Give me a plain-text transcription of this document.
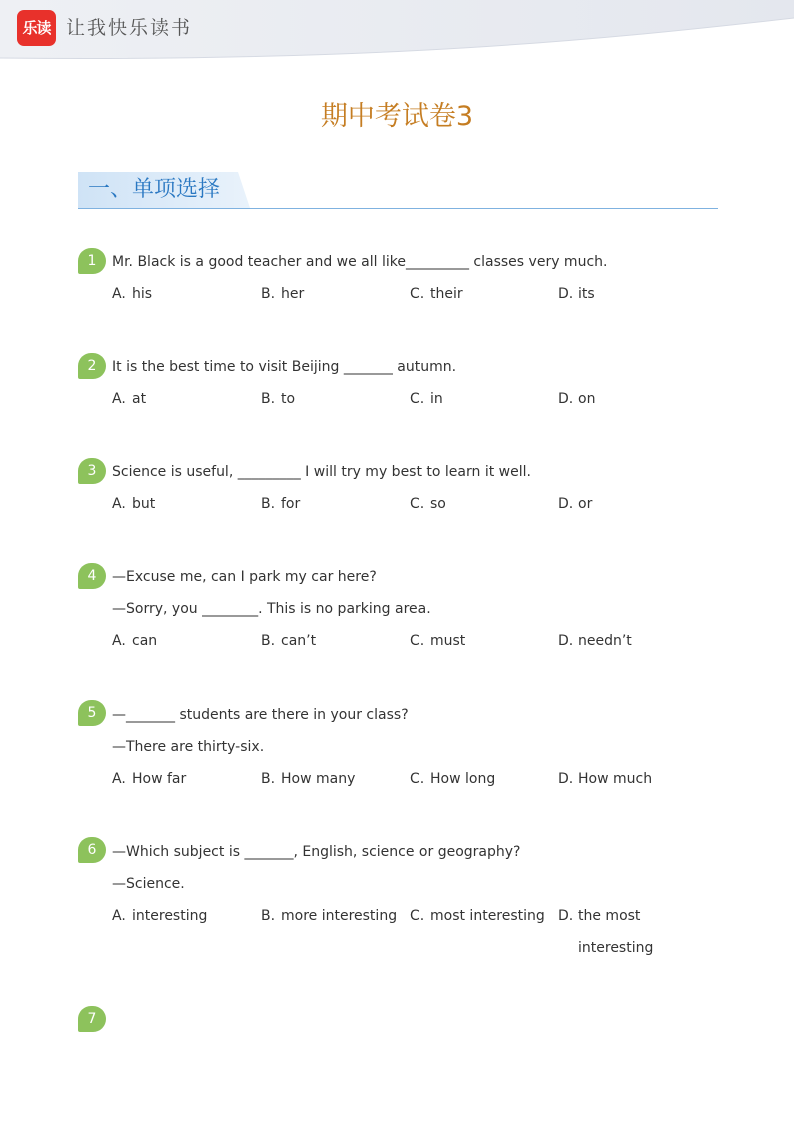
乐读 让我快乐读书
期中考试卷3
一、单项选择
1	Mr. Black is a good teacher and we all like_________ classes very much.
A. his	B. her	C. their	D. its
2	It is the best time to visit Beijing _______ autumn.
A. at	B. to	C. in	D. on
3	Science is useful, _________ I will try my best to learn it well.
A. but	B. for	C. so	D. or
4	—Excuse me, can I park my car here?
—Sorry, you ________. This is no parking area.
A. can	B. can’t	C. must	D. needn’t
5	—_______ students are there in your class?
—There are thirty-six.
A. How far	B. How many	C. How long	D. How much
6	—Which subject is _______, English, science or geography?
—Science.
A. interesting	B. more interesting C. most interesting D. the most interesting
7
